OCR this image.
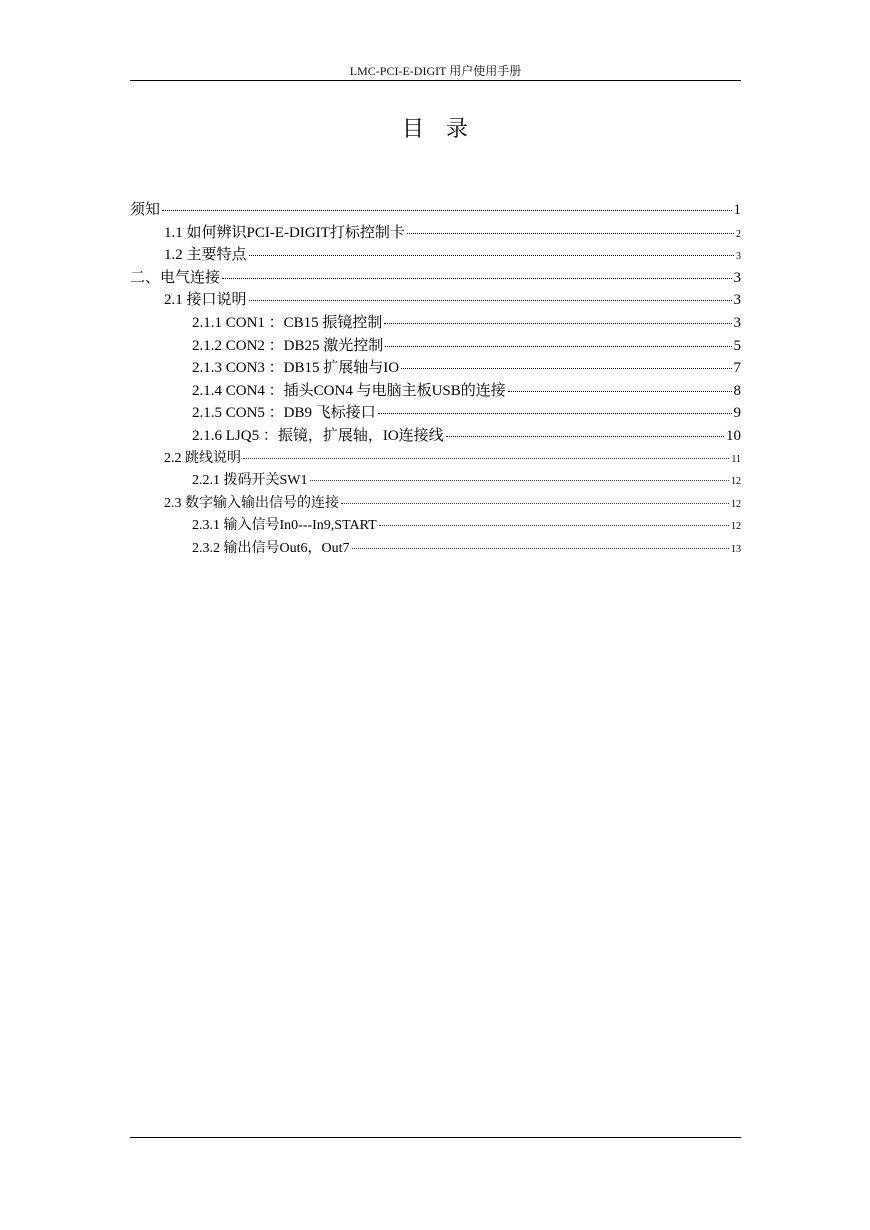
LMC-PCI-E-DIGIT 用户使用手册
目录
须知	1
1.1 如何辨识PCI-E-DIGIT打标控制卡	2
1.2 主要特点	3
二、电气连接	3
2.1 接口说明	3
2.1.1 CON1 ：CB15 振镜控制	3
2.1.2 CON2 ：DB25 激光控制	5
2.1.3 CON3 ：DB15 扩展轴与IO	7
2.1.4 CON4 ：插头CON4 与电脑主板USB的连接	8
2.1.5 CON5 ：DB9 飞标接口	9
2.1.6 LJQ5 ：振镜，扩展轴，IO连接线	10
2.2 跳线说明	11
2.2.1 拨码开关SW1	12
2.3 数字输入输出信号的连接	12
2.3.1 输入信号In0---In9,START	12
2.3.2 输出信号Out6，Out7	13
